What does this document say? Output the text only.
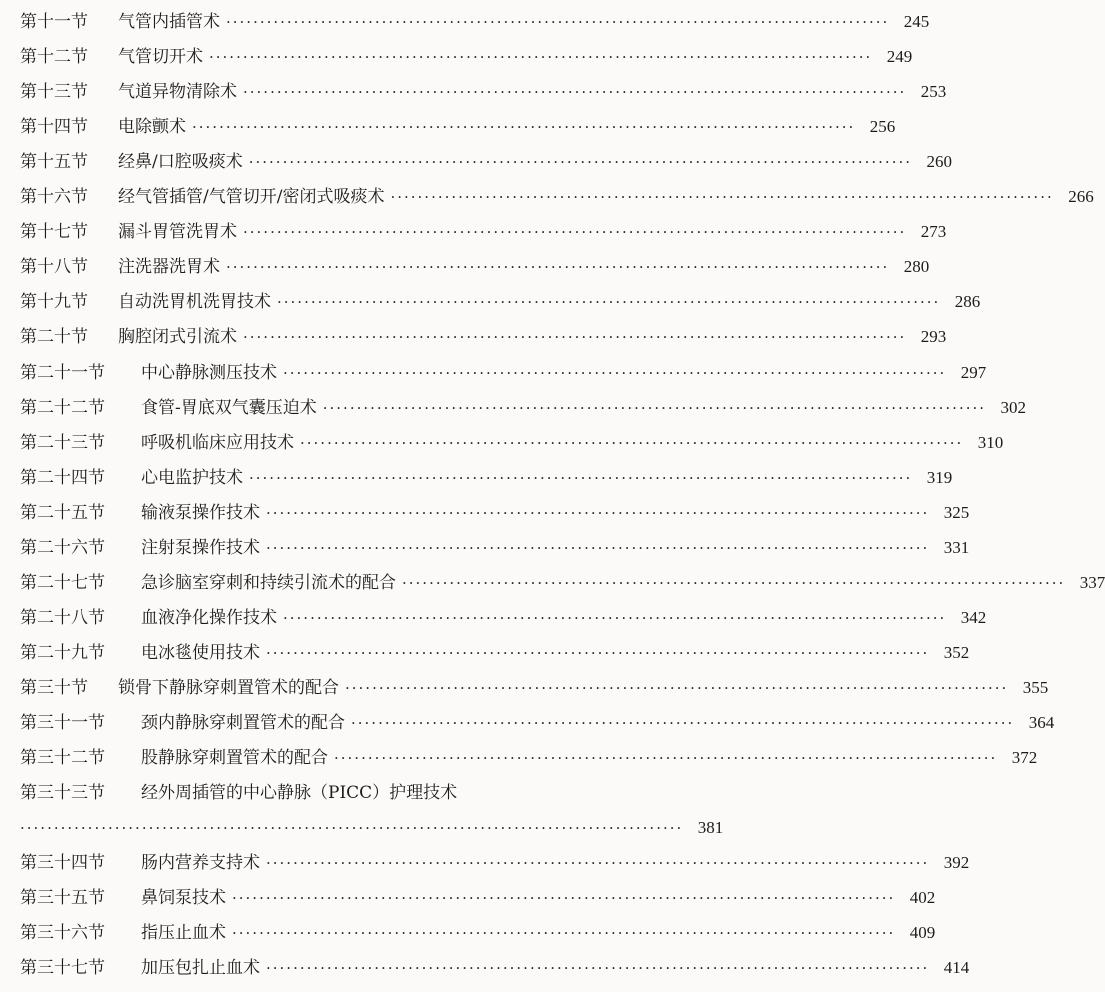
第十一节	气管内插管术 ·································································································· 245
第十二节	气管切开术 ·································································································· 249
第十三节	气道异物清除术 ·································································································· 253
第十四节	电除颤术 ·································································································· 256
第十五节	经鼻/口腔吸痰术 ·································································································· 260
第十六节	经气管插管/气管切开/密闭式吸痰术 ·································································································· 266
第十七节	漏斗胃管洗胃术 ·································································································· 273
第十八节	注洗器洗胃术 ·································································································· 280
第十九节	自动洗胃机洗胃技术 ·································································································· 286
第二十节	胸腔闭式引流术 ·································································································· 293
第二十一节	中心静脉测压技术 ·································································································· 297
第二十二节	食管-胃底双气囊压迫术 ·································································································· 302
第二十三节	呼吸机临床应用技术 ·································································································· 310
第二十四节	心电监护技术 ·································································································· 319
第二十五节	输液泵操作技术 ·································································································· 325
第二十六节	注射泵操作技术 ·································································································· 331
第二十七节	急诊脑室穿刺和持续引流术的配合 ·································································································· 337
第二十八节	血液净化操作技术 ·································································································· 342
第二十九节	电冰毯使用技术 ·································································································· 352
第三十节	锁骨下静脉穿刺置管术的配合 ·································································································· 355
第三十一节	颈内静脉穿刺置管术的配合 ·································································································· 364
第三十二节	股静脉穿刺置管术的配合 ·································································································· 372
第三十三节	经外周插管的中心静脉（PICC）护理技术
·································································································· 381
第三十四节	肠内营养支持术 ·································································································· 392
第三十五节	鼻饲泵技术 ·································································································· 402
第三十六节	指压止血术 ·································································································· 409
第三十七节	加压包扎止血术 ·································································································· 414
